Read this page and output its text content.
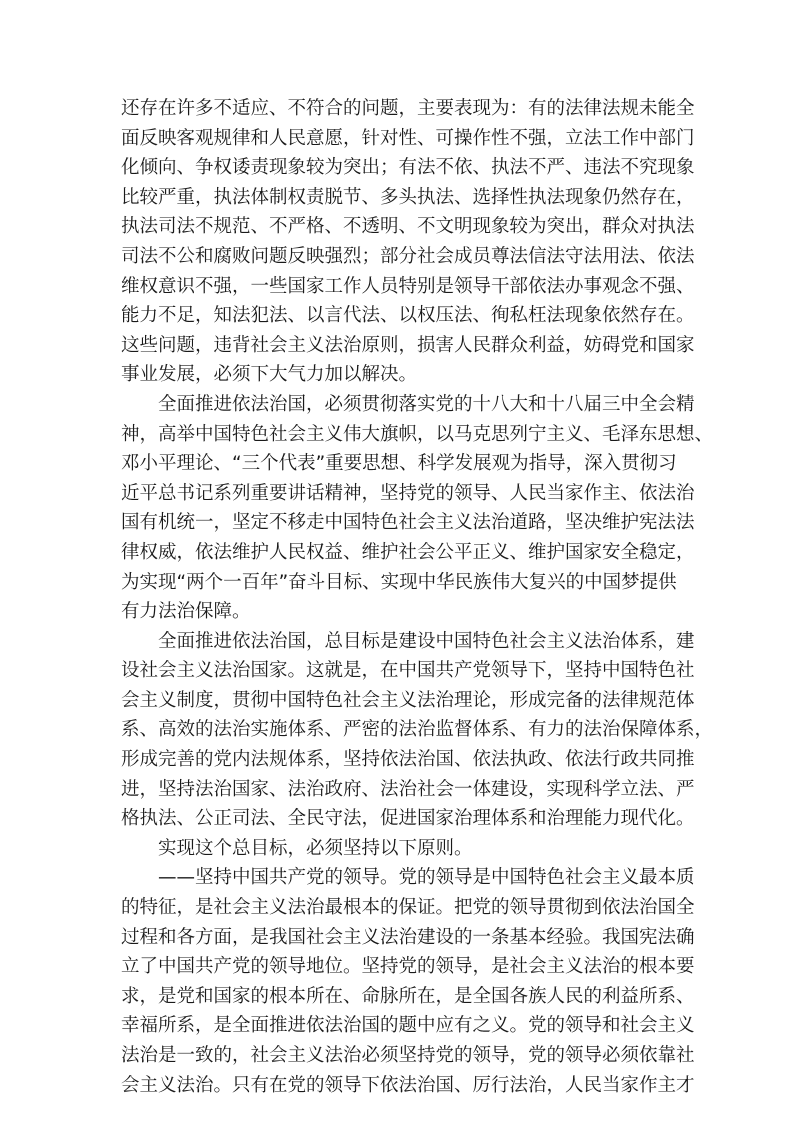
还存在许多不适应、不符合的问题，主要表现为：有的法律法规未能全
面反映客观规律和人民意愿，针对性、可操作性不强，立法工作中部门
化倾向、争权诿责现象较为突出；有法不依、执法不严、违法不究现象
比较严重，执法体制权责脱节、多头执法、选择性执法现象仍然存在，
执法司法不规范、不严格、不透明、不文明现象较为突出，群众对执法
司法不公和腐败问题反映强烈；部分社会成员尊法信法守法用法、依法
维权意识不强，一些国家工作人员特别是领导干部依法办事观念不强、
能力不足，知法犯法、以言代法、以权压法、徇私枉法现象依然存在。
这些问题，违背社会主义法治原则，损害人民群众利益，妨碍党和国家
事业发展，必须下大气力加以解决。
全面推进依法治国，必须贯彻落实党的十八大和十八届三中全会精
神，高举中国特色社会主义伟大旗帜，以马克思列宁主义、毛泽东思想、
邓小平理论、“三个代表”重要思想、科学发展观为指导，深入贯彻习
近平总书记系列重要讲话精神，坚持党的领导、人民当家作主、依法治
国有机统一，坚定不移走中国特色社会主义法治道路，坚决维护宪法法
律权威，依法维护人民权益、维护社会公平正义、维护国家安全稳定，
为实现“两个一百年”奋斗目标、实现中华民族伟大复兴的中国梦提供
有力法治保障。
全面推进依法治国，总目标是建设中国特色社会主义法治体系，建
设社会主义法治国家。这就是，在中国共产党领导下，坚持中国特色社
会主义制度，贯彻中国特色社会主义法治理论，形成完备的法律规范体
系、高效的法治实施体系、严密的法治监督体系、有力的法治保障体系，
形成完善的党内法规体系，坚持依法治国、依法执政、依法行政共同推
进，坚持法治国家、法治政府、法治社会一体建设，实现科学立法、严
格执法、公正司法、全民守法，促进国家治理体系和治理能力现代化。
实现这个总目标，必须坚持以下原则。
——坚持中国共产党的领导。党的领导是中国特色社会主义最本质
的特征，是社会主义法治最根本的保证。把党的领导贯彻到依法治国全
过程和各方面，是我国社会主义法治建设的一条基本经验。我国宪法确
立了中国共产党的领导地位。坚持党的领导，是社会主义法治的根本要
求，是党和国家的根本所在、命脉所在，是全国各族人民的利益所系、
幸福所系，是全面推进依法治国的题中应有之义。党的领导和社会主义
法治是一致的，社会主义法治必须坚持党的领导，党的领导必须依靠社
会主义法治。只有在党的领导下依法治国、厉行法治，人民当家作主才
